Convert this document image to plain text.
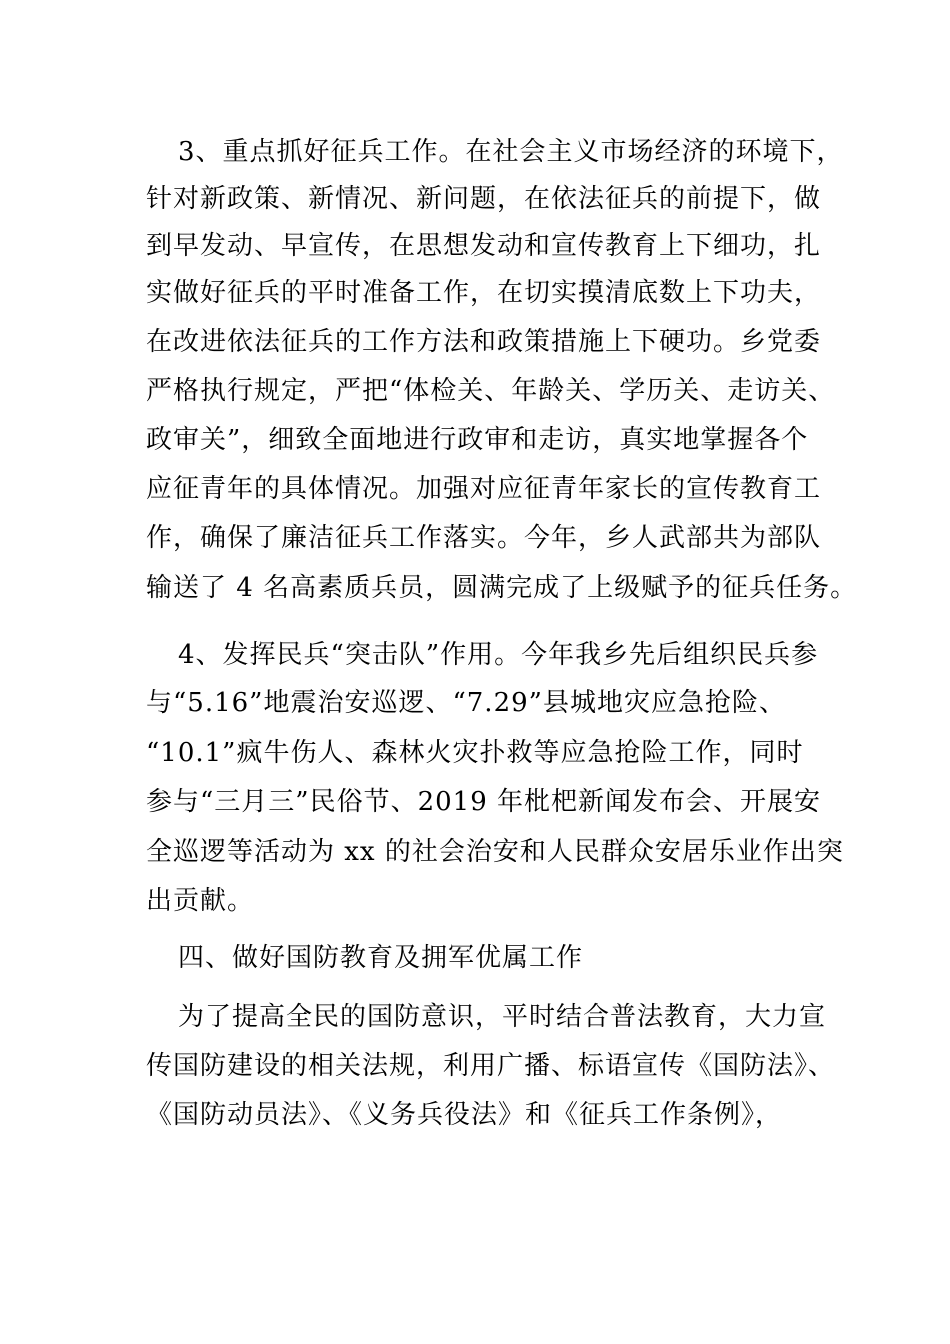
3、重点抓好征兵工作。在社会主义市场经济的环境下，
针对新政策、新情况、新问题，在依法征兵的前提下，做
到早发动、早宣传，在思想发动和宣传教育上下细功，扎
实做好征兵的平时准备工作，在切实摸清底数上下功夫，
在改进依法征兵的工作方法和政策措施上下硬功。乡党委
严格执行规定，严把“体检关、年龄关、学历关、走访关、
政审关”，细致全面地进行政审和走访，真实地掌握各个
应征青年的具体情况。加强对应征青年家长的宣传教育工
作，确保了廉洁征兵工作落实。今年，乡人武部共为部队
输送了 4 名高素质兵员，圆满完成了上级赋予的征兵任务。
4、发挥民兵“突击队”作用。今年我乡先后组织民兵参
与“5.16”地震治安巡逻、“7.29”县城地灾应急抢险、
“10.1”疯牛伤人、森林火灾扑救等应急抢险工作，同时
参与“三月三”民俗节、2019 年枇杷新闻发布会、开展安
全巡逻等活动为 xx 的社会治安和人民群众安居乐业作出突
出贡献。
四、做好国防教育及拥军优属工作
为了提高全民的国防意识，平时结合普法教育，大力宣
传国防建设的相关法规，利用广播、标语宣传《国防法》、
《国防动员法》、《义务兵役法》和《征兵工作条例》，
